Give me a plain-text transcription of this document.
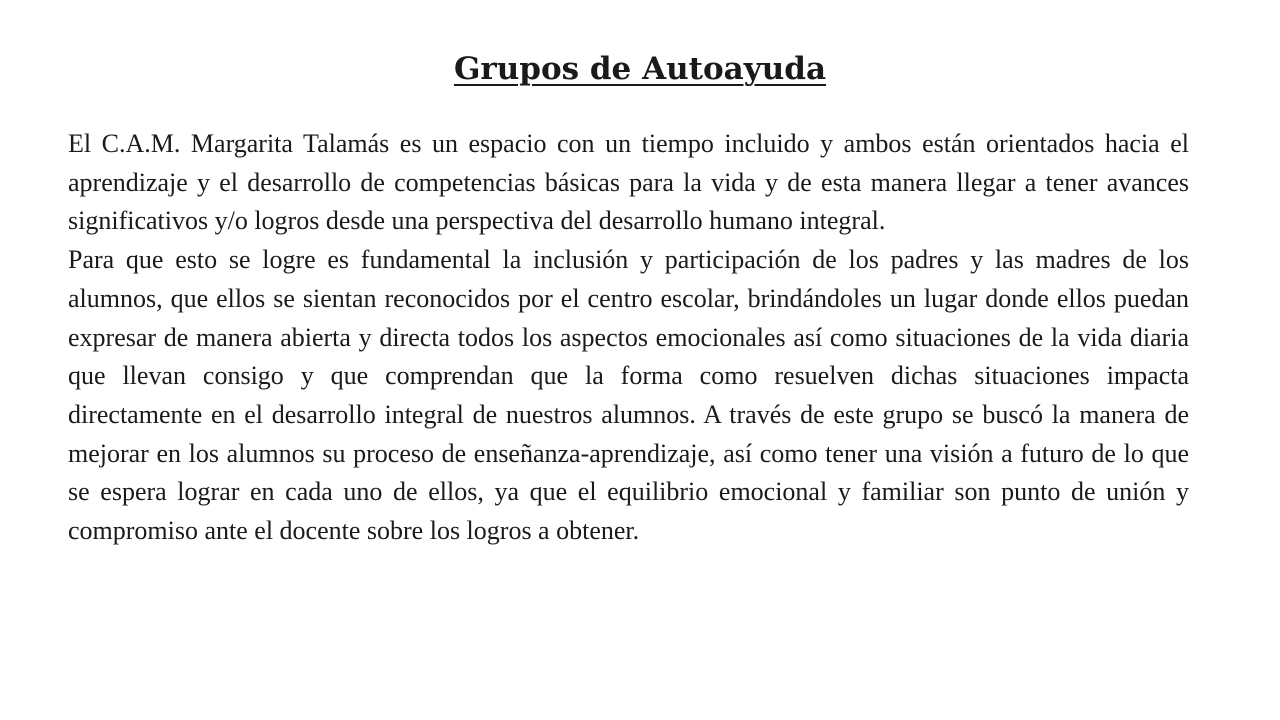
Grupos de Autoayuda

El C.A.M. Margarita Talamás es un espacio con un tiempo incluido y ambos están orientados hacia el aprendizaje y el desarrollo de competencias básicas para la vida y de esta manera llegar a tener avances significativos y/o logros desde una perspectiva del desarrollo humano integral.

Para que esto se logre es fundamental la inclusión y participación de los padres y las madres de los alumnos, que ellos se sientan reconocidos por el centro escolar, brindándoles un lugar donde ellos puedan expresar de manera abierta y directa todos los aspectos emocionales así como situaciones de la vida diaria que llevan consigo y que comprendan que la forma como resuelven dichas situaciones impacta directamente en el desarrollo integral de nuestros alumnos. A través de este grupo se buscó la manera de mejorar en los alumnos su proceso de enseñanza-aprendizaje, así como tener una visión a futuro de lo que se espera lograr en cada uno de ellos, ya que el equilibrio emocional y familiar son punto de unión y compromiso ante el docente sobre los logros a obtener.
